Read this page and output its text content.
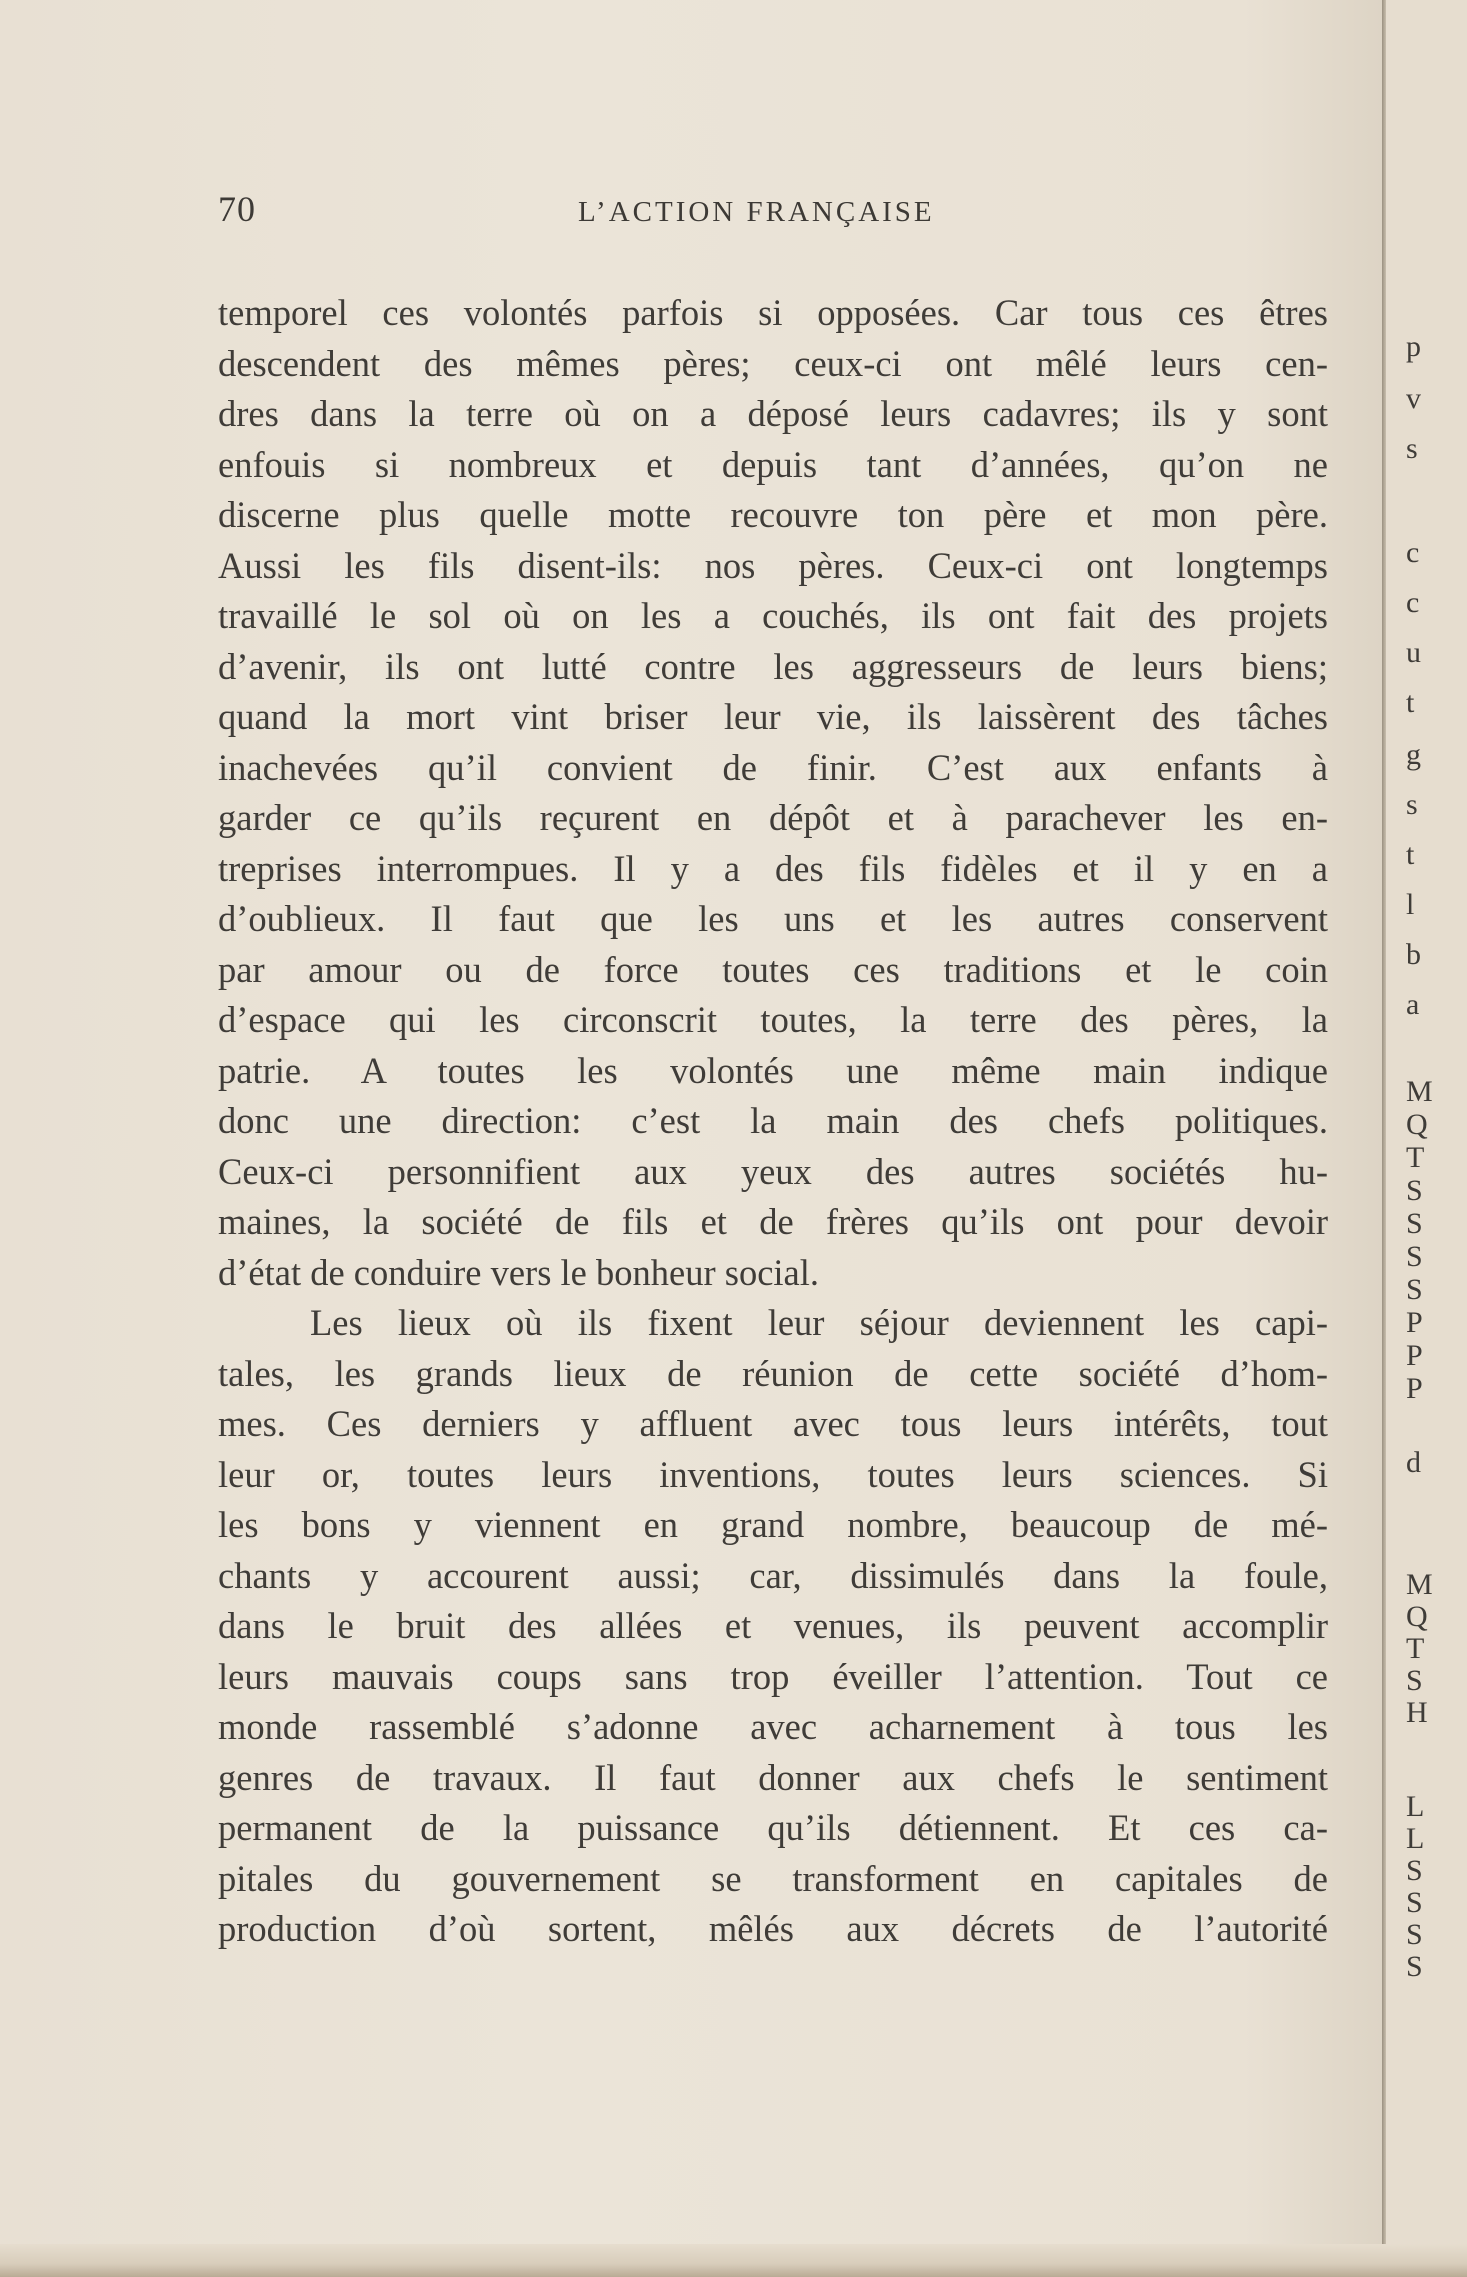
70	L’ACTION FRANÇAISE
temporel ces volontés parfois si opposées. Car tous ces êtres
descendent des mêmes pères; ceux-ci ont mêlé leurs cen-
dres dans la terre où on a déposé leurs cadavres; ils y sont
enfouis si nombreux et depuis tant d’années, qu’on ne
discerne plus quelle motte recouvre ton père et mon père.
Aussi les fils disent-ils: nos pères. Ceux-ci ont longtemps
travaillé le sol où on les a couchés, ils ont fait des projets
d’avenir, ils ont lutté contre les aggresseurs de leurs biens;
quand la mort vint briser leur vie, ils laissèrent des tâches
inachevées qu’il convient de finir. C’est aux enfants à
garder ce qu’ils reçurent en dépôt et à parachever les en-
treprises interrompues. Il y a des fils fidèles et il y en a
d’oublieux. Il faut que les uns et les autres conservent
par amour ou de force toutes ces traditions et le coin
d’espace qui les circonscrit toutes, la terre des pères, la
patrie. A toutes les volontés une même main indique
donc une direction: c’est la main des chefs politiques.
Ceux-ci personnifient aux yeux des autres sociétés hu-
maines, la société de fils et de frères qu’ils ont pour devoir
d’état de conduire vers le bonheur social.
Les lieux où ils fixent leur séjour deviennent les capi-
tales, les grands lieux de réunion de cette société d’hom-
mes. Ces derniers y affluent avec tous leurs intérêts, tout
leur or, toutes leurs inventions, toutes leurs sciences. Si
les bons y viennent en grand nombre, beaucoup de mé-
chants y accourent aussi; car, dissimulés dans la foule,
dans le bruit des allées et venues, ils peuvent accomplir
leurs mauvais coups sans trop éveiller l’attention. Tout ce
monde rassemblé s’adonne avec acharnement à tous les
genres de travaux. Il faut donner aux chefs le sentiment
permanent de la puissance qu’ils détiennent. Et ces ca-
pitales du gouvernement se transforment en capitales de
production d’où sortent, mêlés aux décrets de l’autorité
p
v
s
c
c
u
t
g
s
t
l
b
a
M
Q
T
S
S
S
S
P
P
P
d
M
Q
T
S
H
L
L
S
S
S
S
